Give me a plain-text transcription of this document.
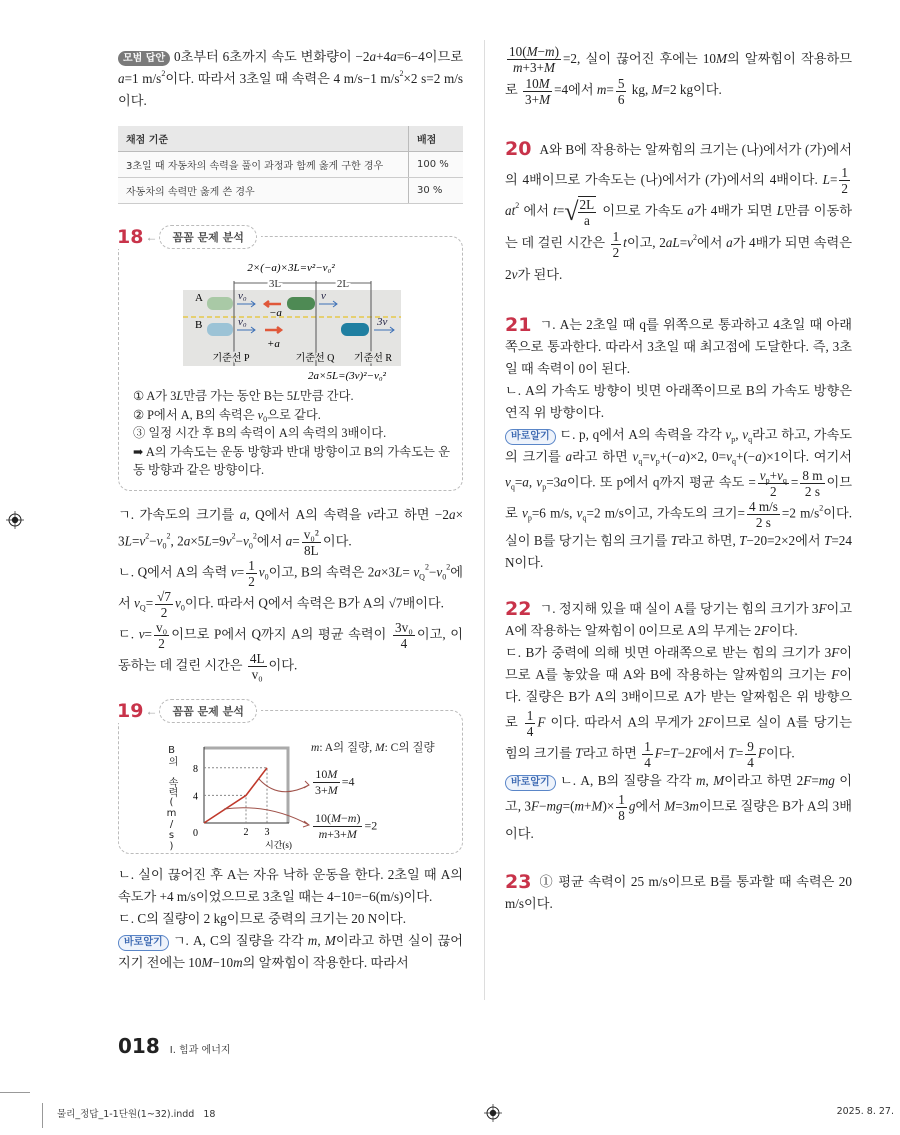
모범 답안 0초부터 6초까지 속도 변화량이 −2a+4a=6−4이므로 a=1 $m/s^2$이다. 따라서 3초일 때 속력은 4 m/s−1 $m/s^2\times 2$ s=2 m/s 이다.

채점 기준	배점
3초일 때 자동차의 속력을 풀이 과정과 함께 옳게 구한 경우	100 %
자동차의 속력만 옳게 쓴 경우	30 %
18 ←	꼼꼼 문제 분석
2×(−a)×3L=v²−v₀²
3L	2L
A
B
v₀
v₀
v
3v
−a
+a
기준선 P	기준선 Q 기준선 R
2a×5L=(3v)²−v₀²

① A가 3L만큼 가는 동안 B는 5L만큼 간다.

② P에서 A, B의 속력은 $v_0$으로 같다.

③ 일정 시간 후 B의 속력이 A의 속력의 3배이다.

➡ A의 가속도는 운동 방향과 반대 방향이고 B의 가속도는 운동 방향과 같은 방향이다.

ㄱ. 가속도의 크기를 a, Q에서 A의 속력을 v라고 하면 $-2a\times 3L=v^2-v_0^2$, $2a\times 5L=9v^2-v_0^2$에서 $a= \frac{\text{v₀²}}{8L}$ 이다.

ㄴ. Q에서 A의 속력 $v= \frac{1}{2} v_0$이고, B의 속력은 $2a\times 3L= v_Q^2-v_0^2$에서 $v_Q= \frac{√7}{2} v_0$이다. 따라서 Q에서 속력은 B가 A의 √7배이다.

ㄷ. $v= \frac{\text{v₀}}{2}$ 이므로 P에서 Q까지 A의 평균 속력이 $\frac{\text{3v₀}}{4}$ 이고, 이동하는 데 걸린 시간은 $\frac{4L}{\text{v₀}}$ 이다.

19 ←	꼼꼼 문제 분석
B의 속력(m/s) 0
4
8
2 3
시간(s)
m: A의 질량, M: C의 질량
$\frac{10M}{3+M} =4$
$\frac{10(M-m)}{m+3+M} =2$

ㄴ. 실이 끊어진 후 A는 자유 낙하 운동을 한다. 2초일 때 A의 속도가 +4 m/s이었으므로 3초일 때는 4−10=−6(m/s)이다.

ㄷ. C의 질량이 2 kg이므로 중력의 크기는 20 N이다.

바로알기 ㄱ. A, C의 질량을 각각 m, M이라고 하면 실이 끊어지기 전에는 10M−10m의 알짜힘이 작용한다. 따라서

018 I. 힘과 에너지

$\frac{10(M-m)}{m+3+M} =2$, 실이 끊어진 후에는 10M의 알짜힘이 작용하므로 $\frac{10M}{3+M} =4$에서 $m= \frac{5}{6}$ kg, M=2 kg이다.

20 A와 B에 작용하는 알짜힘의 크기는 (나)에서가 (가)에서의 4배이므로 가속도는 (나)에서가 (가)에서의 4배이다. $L= \frac{1}{2}$
$at^2$ 에서 t= √ $\frac{2L}{a}$ 이므로 가속도 a가 4배가 되면 L만큼 이동하는 데 걸린 시간은 $\frac{1}{2}$ t이고, $2aL=v^2$에서 a가 4배가 되면 속력은 2v가 된다.

21 ㄱ. A는 2초일 때 q를 위쪽으로 통과하고 4초일 때 아래쪽으로 통과한다. 따라서 3초일 때 최고점에 도달한다. 즉, 3초일 때 속력이 0이 된다.

ㄴ. A의 가속도 방향이 빗면 아래쪽이므로 B의 가속도 방향은 연직 위 방향이다.

바로알기 ㄷ. p, q에서 A의 속력을 각각 $v_p$, $v_q$라고 하고, 가속도의 크기를 a라고 하면 $v_q=v_p+(-a)\times 2$, $0=v_q+(-a)\times 1$이다. 여기서 $v_q=a$, $v_p=3a$이다. 또 p에서 q까지 평균 속도 = $\frac{v_p+v_q}{2} = \frac{8 m}{2 s}$ 이므로 $v_p=6$ m/s, $v_q=2$ m/s이고, 가속도의 크기= $\frac{4 m/s}{2 s} =2$ $m/s^2$이다. 실이 B를 당기는 힘의 크기를 T라고 하면, T−20=2×2에서 T=24 N이다.

22 ㄱ. 정지해 있을 때 실이 A를 당기는 힘의 크기가 3F이고 A에 작용하는 알짜힘이 0이므로 A의 무게는 2F이다.

ㄷ. B가 중력에 의해 빗면 아래쪽으로 받는 힘의 크기가 3F이므로 A를 놓았을 때 A와 B에 작용하는 알짜힘의 크기는 F이다. 질량은 B가 A의 3배이므로 A가 받는 알짜힘은 위 방향으로 $\frac{1}{4}$ F 이다. 따라서 A의 무게가 2F이므로 실이 A를 당기는 힘의 크기를 T라고 하면 $\frac{1}{4} F=T-2F$에서 $T= \frac{9}{4}$ F이다.

바로알기 ㄴ. A, B의 질량을 각각 m, M이라고 하면 2F=mg 이고, $3F-mg=(m+M)\times \frac{1}{8}$ g에서 M=3m이므로 질량은 B가 A의 3배이다.

23 ① 평균 속력이 25 m/s이므로 B를 통과할 때 속력은 20 m/s이다.

물리_정답_1-1단원(1~32).indd 18	2025. 8. 27.
